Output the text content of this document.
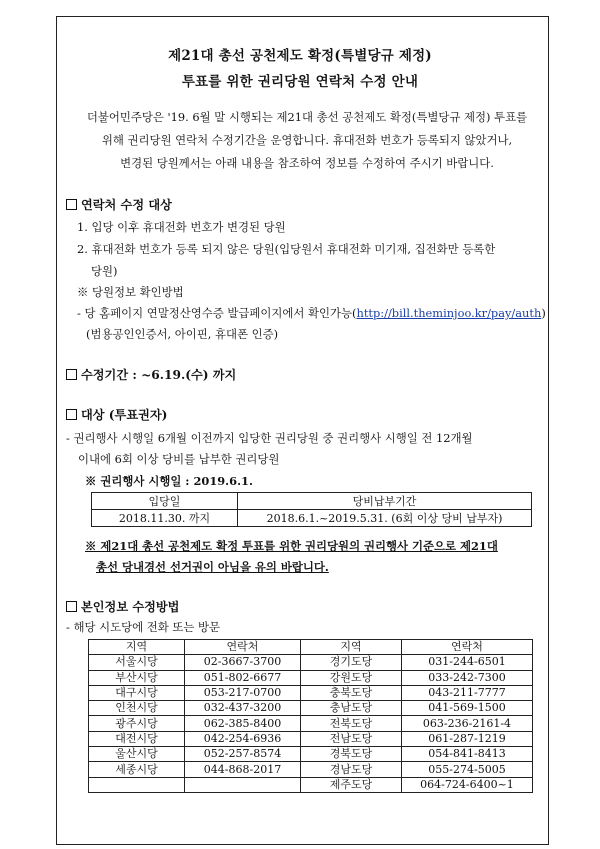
제21대 총선 공천제도 확정(특별당규 제정)
투표를 위한 권리당원 연락처 수정 안내
더불어민주당은 '19. 6월 말 시행되는 제21대 총선 공천제도 확정(특별당규 제정) 투표를
위해 권리당원 연락처 수정기간을 운영합니다. 휴대전화 번호가 등록되지 않았거나,
변경된 당원께서는 아래 내용을 참조하여 정보를 수정하여 주시기 바랍니다.
연락처 수정 대상
1. 입당 이후 휴대전화 번호가 변경된 당원
2. 휴대전화 번호가 등록 되지 않은 당원(입당원서 휴대전화 미기재, 집전화만 등록한
당원)
※ 당원정보 확인방법
- 당 홈페이지 연말정산영수증 발급페이지에서 확인가능(http://bill.theminjoo.kr/pay/auth)
(범용공인인증서, 아이핀, 휴대폰 인증)
수정기간 : ~6.19.(수) 까지
대상 (투표권자)
- 권리행사 시행일 6개월 이전까지 입당한 권리당원 중 권리행사 시행일 전 12개월
이내에 6회 이상 당비를 납부한 권리당원
※ 권리행사 시행일 : 2019.6.1.
입당일	당비납부기간
2018.11.30. 까지	2018.6.1.~2019.5.31. (6회 이상 당비 납부자)
※ 제21대 총선 공천제도 확정 투표를 위한 권리당원의 권리행사 기준으로 제21대
총선 당내경선 선거권이 아님을 유의 바랍니다.
본인정보 수정방법
- 해당 시도당에 전화 또는 방문
지역	연락처	지역	연락처
서울시당	02-3667-3700	경기도당	031-244-6501
부산시당	051-802-6677	강원도당	033-242-7300
대구시당	053-217-0700	충북도당	043-211-7777
인천시당	032-437-3200	충남도당	041-569-1500
광주시당	062-385-8400	전북도당	063-236-2161-4
대전시당	042-254-6936	전남도당	061-287-1219
울산시당	052-257-8574	경북도당	054-841-8413
세종시당	044-868-2017	경남도당	055-274-5005
		제주도당	064-724-6400~1
